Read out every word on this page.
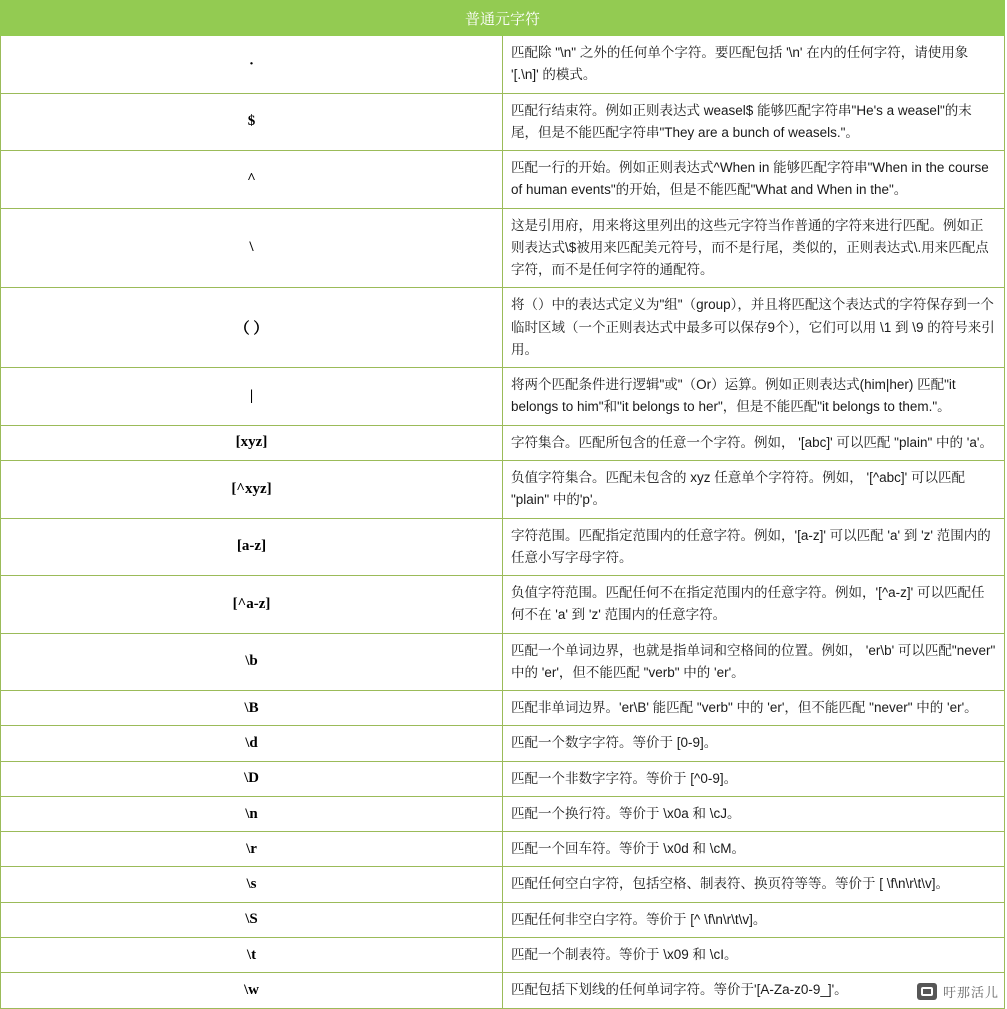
普通元字符	
·	匹配除 "\n" 之外的任何单个字符。要匹配包括 '\n' 在内的任何字符，请使用象 '[.\n]' 的模式。
$	匹配行结束符。例如正则表达式 weasel$ 能够匹配字符串"He's a weasel"的末尾，但是不能匹配字符串"They are a bunch of weasels."。
^	匹配一行的开始。例如正则表达式^When in 能够匹配字符串"When in the course of human events"的开始，但是不能匹配"What and When in the"。
\	这是引用府，用来将这里列出的这些元字符当作普通的字符来进行匹配。例如正则表达式\$被用来匹配美元符号，而不是行尾，类似的，正则表达式\.用来匹配点字符，而不是任何字符的通配符。
（ ）	将（）中的表达式定义为"组"（group），并且将匹配这个表达式的字符保存到一个临时区域（一个正则表达式中最多可以保存9个），它们可以用 \1 到 \9 的符号来引用。
|	将两个匹配条件进行逻辑"或"（Or）运算。例如正则表达式(him|her) 匹配"it belongs to him"和"it belongs to her"，但是不能匹配"it belongs to them."。
[xyz]	字符集合。匹配所包含的任意一个字符。例如， '[abc]' 可以匹配 "plain" 中的 'a'。
[^xyz]	负值字符集合。匹配未包含的 xyz 任意单个字符符。例如， '[^abc]' 可以匹配 "plain" 中的'p'。
[a-z]	字符范围。匹配指定范围内的任意字符。例如，'[a-z]' 可以匹配 'a' 到 'z' 范围内的任意小写字母字符。
[^a-z]	负值字符范围。匹配任何不在指定范围内的任意字符。例如，'[^a-z]' 可以匹配任何不在 'a' 到 'z' 范围内的任意字符。
\b	匹配一个单词边界，也就是指单词和空格间的位置。例如， 'er\b' 可以匹配"never" 中的 'er'，但不能匹配 "verb" 中的 'er'。
\B	匹配非单词边界。'er\B' 能匹配 "verb" 中的 'er'，但不能匹配 "never" 中的 'er'。
\d	匹配一个数字字符。等价于 [0-9]。
\D	匹配一个非数字字符。等价于 [^0-9]。
\n	匹配一个换行符。等价于 \x0a 和 \cJ。
\r	匹配一个回车符。等价于 \x0d 和 \cM。
\s	匹配任何空白字符，包括空格、制表符、换页符等等。等价于 [ \f\n\r\t\v]。
\S	匹配任何非空白字符。等价于 [^ \f\n\r\t\v]。
\t	匹配一个制表符。等价于 \x09 和 \cI。
\w	匹配包括下划线的任何单词字符。等价于'[A-Za-z0-9_]'。	吁那活儿
